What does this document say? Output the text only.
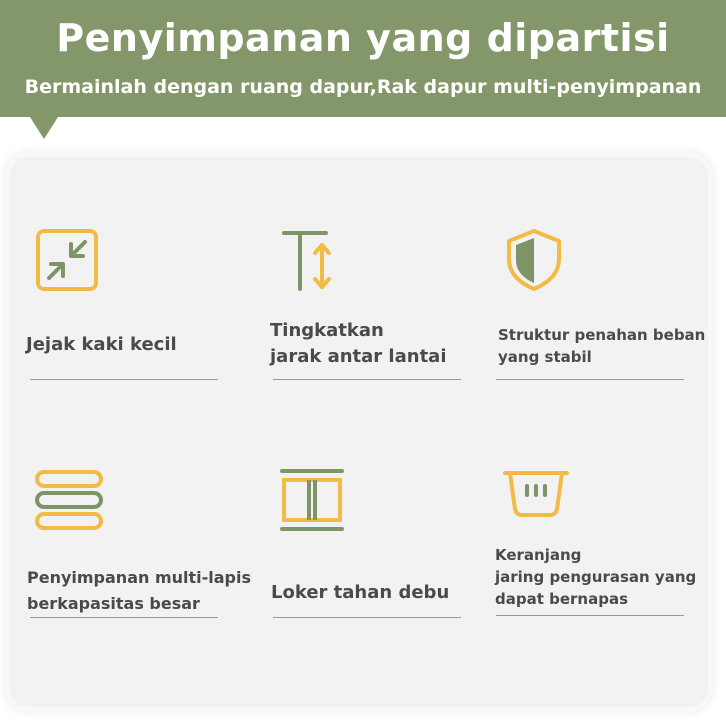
Penyimpanan yang dipartisi
Bermainlah dengan ruang dapur,Rak dapur multi-penyimpanan
Jejak kaki kecil
Tingkatkan
jarak antar lantai
Struktur penahan beban
yang stabil
Penyimpanan multi-lapis
berkapasitas besar
Loker tahan debu
Keranjang
jaring pengurasan yang
dapat bernapas
